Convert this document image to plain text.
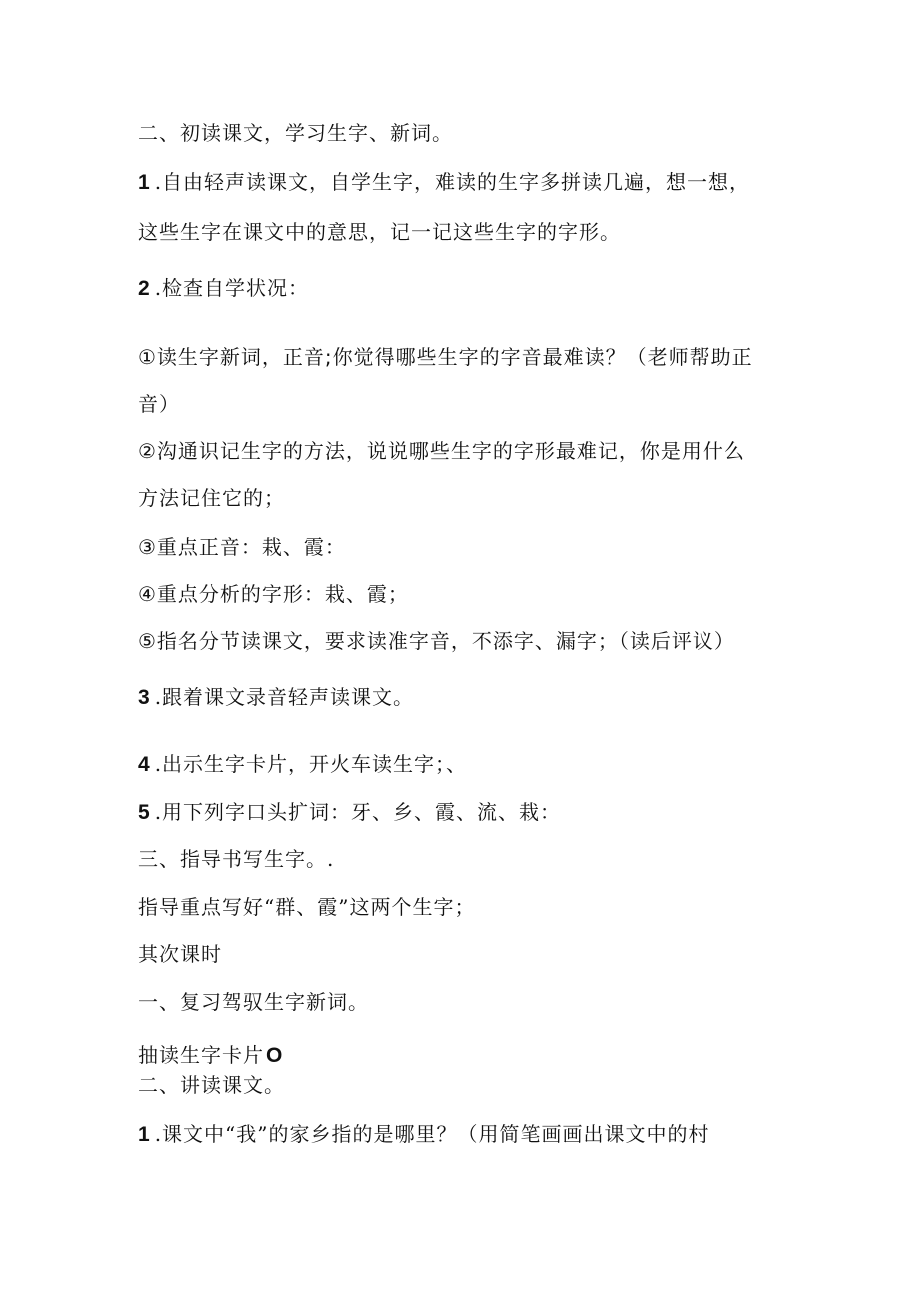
二、初读课文，学习生字、新词。
1 .自由轻声读课文，自学生字，难读的生字多拼读几遍，想一想，
这些生字在课文中的意思，记一记这些生字的字形。
2 .检查自学状况：
①读生字新词，正音;你觉得哪些生字的字音最难读？（老师帮助正
音）
②沟通识记生字的方法，说说哪些生字的字形最难记，你是用什么
方法记住它的；
③重点正音：栽、霞：
④重点分析的字形：栽、霞；
⑤指名分节读课文，要求读准字音，不添字、漏字；（读后评议）
3 .跟着课文录音轻声读课文。
4 .出示生字卡片，开火车读生字；、
5 .用下列字口头扩词：牙、乡、霞、流、栽：
三、指导书写生字。.
指导重点写好“群、霞”这两个生字；
其次课时
一、复习驾驭生字新词。
抽读生字卡片O
二、讲读课文。
1 .课文中“我”的家乡指的是哪里？（用简笔画画出课文中的村
